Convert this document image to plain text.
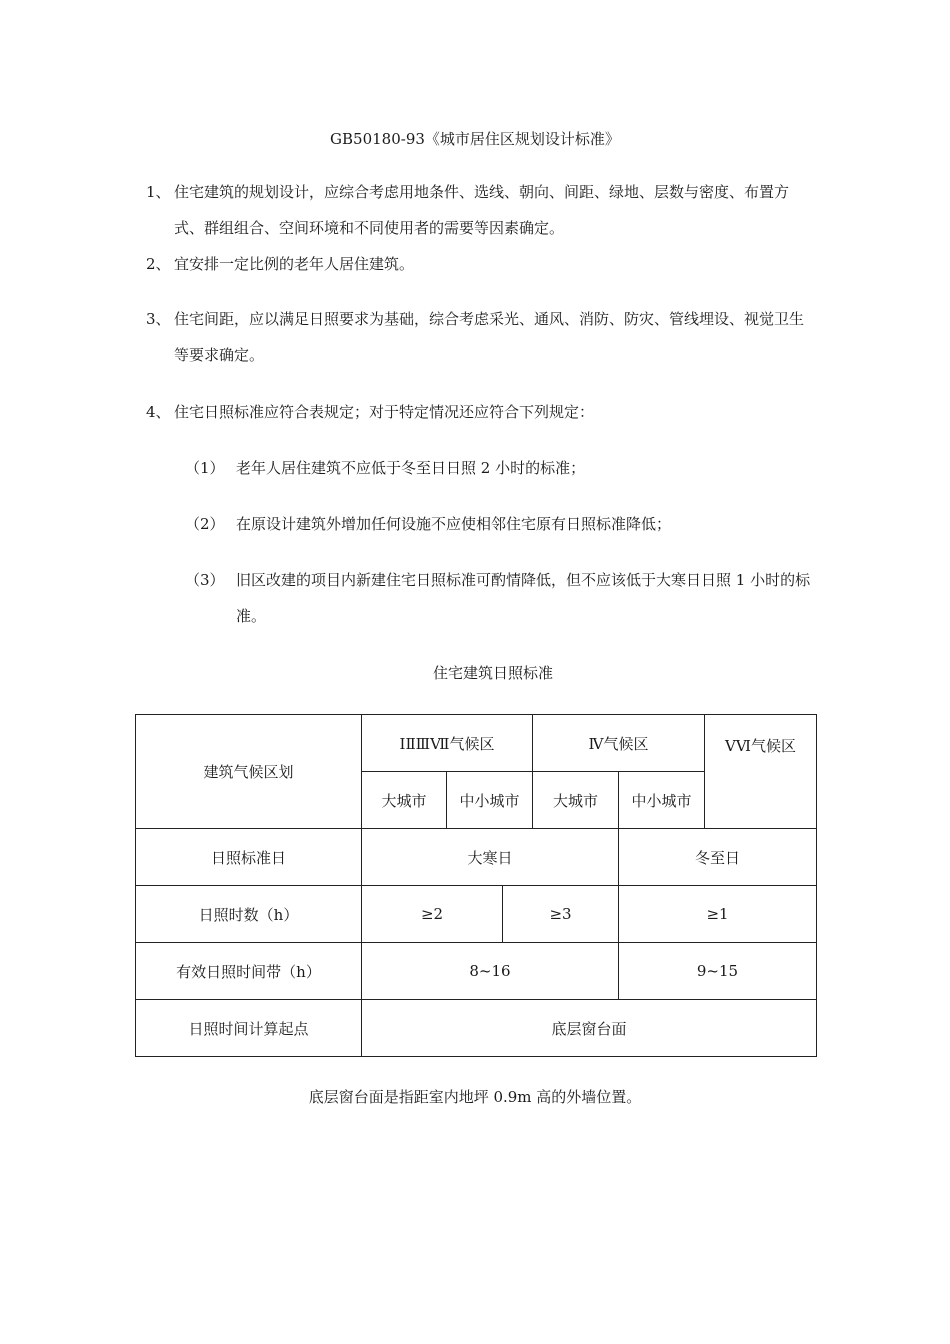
GB50180-93《城市居住区规划设计标准》
1、 住宅建筑的规划设计，应综合考虑用地条件、选线、朝向、间距、绿地、层数与密度、布置方式、群组组合、空间环境和不同使用者的需要等因素确定。
2、 宜安排一定比例的老年人居住建筑。
3、 住宅间距，应以满足日照要求为基础，综合考虑采光、通风、消防、防灾、管线埋设、视觉卫生等要求确定。
4、 住宅日照标准应符合表规定；对于特定情况还应符合下列规定：
（1） 老年人居住建筑不应低于冬至日日照 2 小时的标准；
（2） 在原设计建筑外增加任何设施不应使相邻住宅原有日照标准降低；
（3） 旧区改建的项目内新建住宅日照标准可酌情降低，但不应该低于大寒日日照 1 小时的标准。
住宅建筑日照标准
建筑气候区划	ⅠⅡⅢⅦ气候区			Ⅳ气候区		ⅤⅥ气候区
	大城市	中小城市		大城市	中小城市	
日照标准日	大寒日				冬至日	
日照时数（h）	≥2		≥3		≥1	
有效日照时间带（h）	8~16				9~15	
日照时间计算起点	底层窗台面					
底层窗台面是指距室内地坪 0.9m 高的外墙位置。
